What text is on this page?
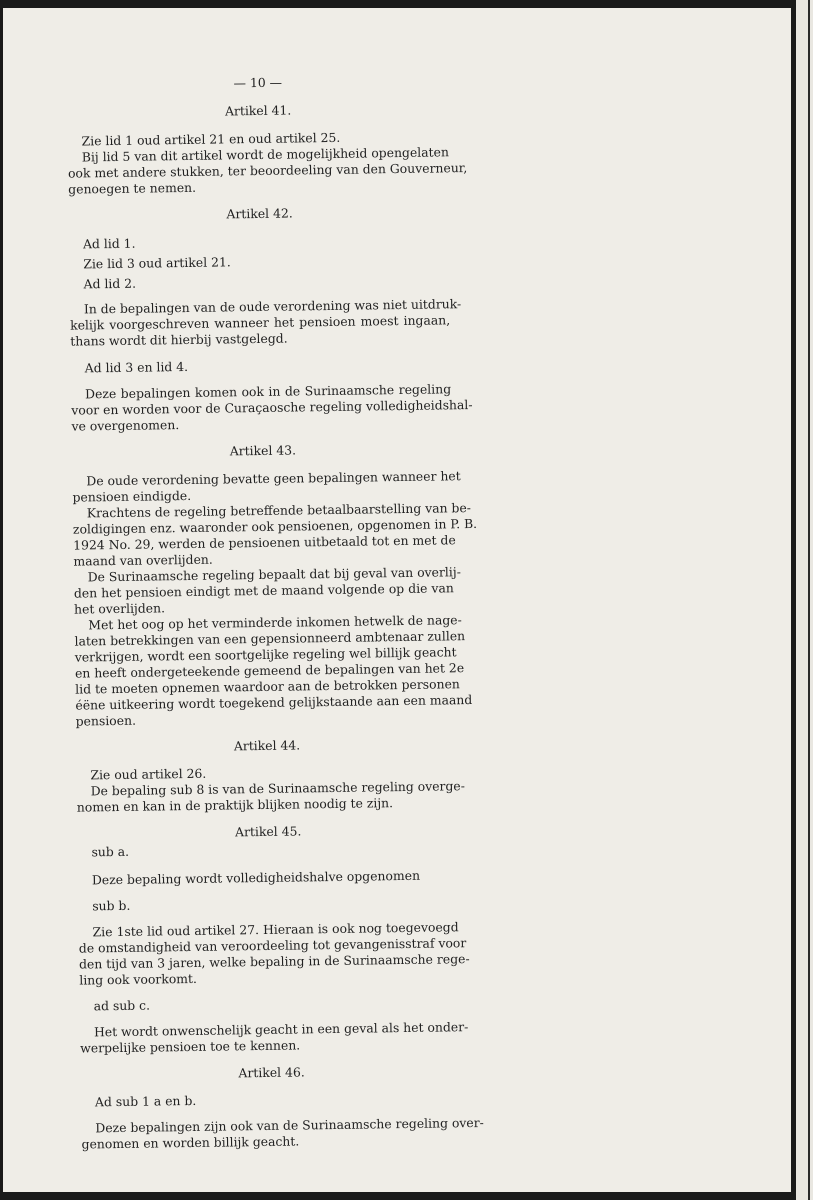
— 10 —
Artikel 41.
Zie lid 1 oud artikel 21 en oud artikel 25.
Bij lid 5 van dit artikel wordt de mogelijkheid opengelaten
ook met andere stukken, ter beoordeeling van den Gouverneur,
genoegen te nemen.
Artikel 42.
Ad lid 1.
Zie lid 3 oud artikel 21.
Ad lid 2.
In de bepalingen van de oude verordening was niet uitdruk-
kelijk voorgeschreven wanneer het pensioen moest ingaan,
thans wordt dit hierbij vastgelegd.
Ad lid 3 en lid 4.
Deze bepalingen komen ook in de Surinaamsche regeling
voor en worden voor de Curaçaosche regeling volledigheidshal-
ve overgenomen.
Artikel 43.
De oude verordening bevatte geen bepalingen wanneer het
pensioen eindigde.
Krachtens de regeling betreffende betaalbaarstelling van be-
zoldigingen enz. waaronder ook pensioenen, opgenomen in P. B.
1924 No. 29, werden de pensioenen uitbetaald tot en met de
maand van overlijden.
De Surinaamsche regeling bepaalt dat bij geval van overlij-
den het pensioen eindigt met de maand volgende op die van
het overlijden.
Met het oog op het verminderde inkomen hetwelk de nage-
laten betrekkingen van een gepensionneerd ambtenaar zullen
verkrijgen, wordt een soortgelijke regeling wel billijk geacht
en heeft ondergeteekende gemeend de bepalingen van het 2e
lid te moeten opnemen waardoor aan de betrokken personen
éëne uitkeering wordt toegekend gelijkstaande aan een maand
pensioen.
Artikel 44.
Zie oud artikel 26.
De bepaling sub 8 is van de Surinaamsche regeling overge-
nomen en kan in de praktijk blijken noodig te zijn.
Artikel 45.
sub a.
Deze bepaling wordt volledigheidshalve opgenomen
sub b.
Zie 1ste lid oud artikel 27. Hieraan is ook nog toegevoegd
de omstandigheid van veroordeeling tot gevangenisstraf voor
den tijd van 3 jaren, welke bepaling in de Surinaamsche rege-
ling ook voorkomt.
ad sub c.
Het wordt onwenschelijk geacht in een geval als het onder-
werpelijke pensioen toe te kennen.
Artikel 46.
Ad sub 1 a en b.
Deze bepalingen zijn ook van de Surinaamsche regeling over-
genomen en worden billijk geacht.
